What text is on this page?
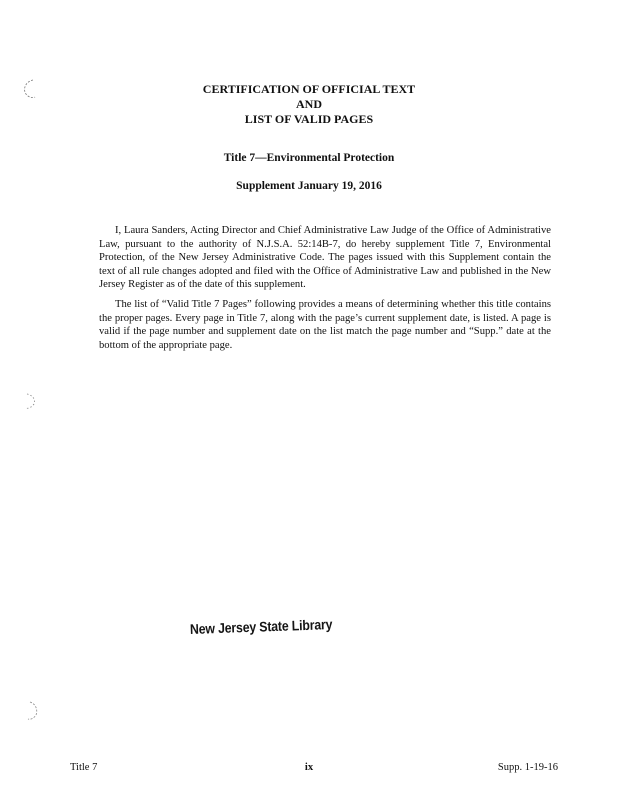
CERTIFICATION OF OFFICIAL TEXT
AND
LIST OF VALID PAGES
Title 7—Environmental Protection
Supplement January 19, 2016

I, Laura Sanders, Acting Director and Chief Administrative Law Judge of the Office of Administrative Law, pursuant to the authority of N.J.S.A. 52:14B-7, do hereby supplement Title 7, Environmental Protection, of the New Jersey Administrative Code. The pages issued with this Supplement contain the text of all rule changes adopted and filed with the Office of Administrative Law and published in the New Jersey Register as of the date of this supplement.

The list of “Valid Title 7 Pages” following provides a means of determining whether this title contains the proper pages. Every page in Title 7, along with the page’s current supplement date, is listed. A page is valid if the page number and supplement date on the list match the page number and “Supp.” date at the bottom of the appropriate page.

New Jersey State Library
Title 7	ix	Supp. 1-19-16
